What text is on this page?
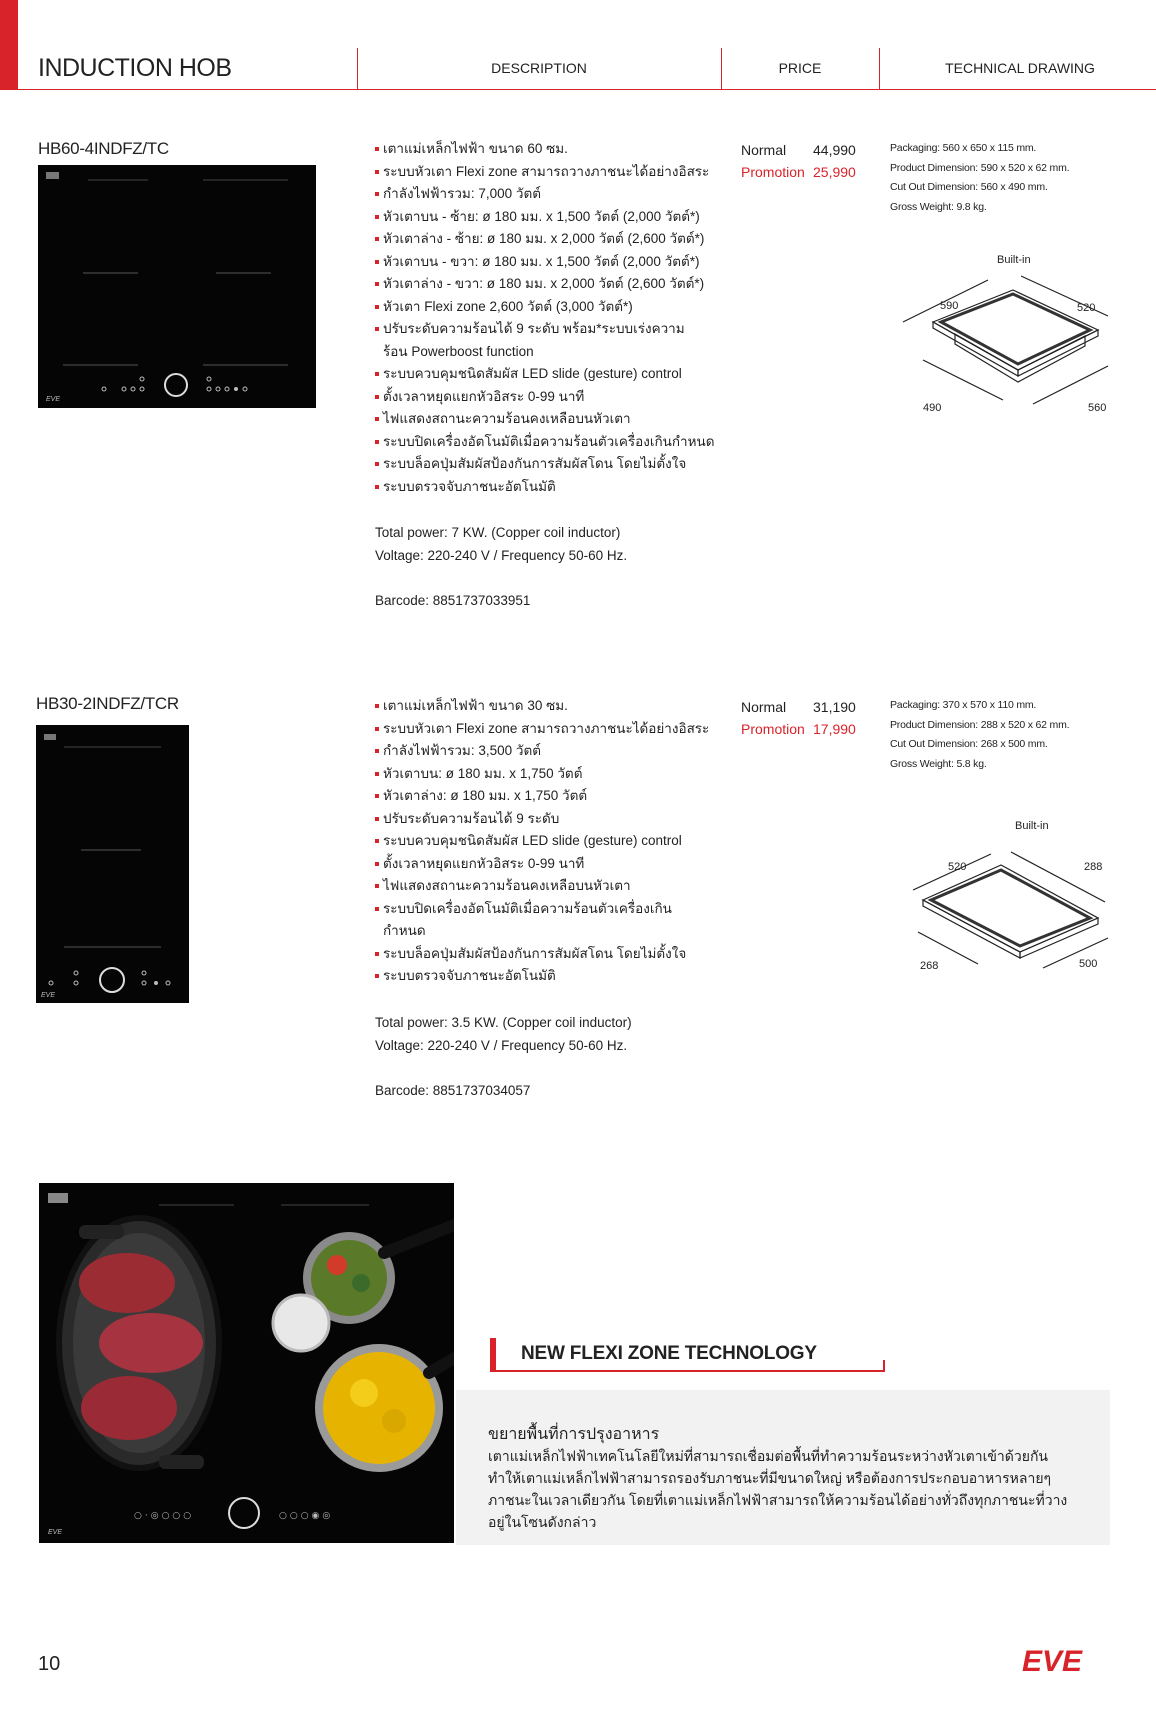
INDUCTION HOB	DESCRIPTION	PRICE	TECHNICAL DRAWING
HB60-4INDFZ/TC
EVE
เตาแม่เหล็กไฟฟ้า ขนาด 60 ซม.
ระบบหัวเตา Flexi zone สามารถวางภาชนะได้อย่างอิสระ
กำลังไฟฟ้ารวม: 7,000 วัตต์
หัวเตาบน - ซ้าย: ø 180 มม. x 1,500 วัตต์ (2,000 วัตต์*)
หัวเตาล่าง - ซ้าย: ø 180 มม. x 2,000 วัตต์ (2,600 วัตต์*)
หัวเตาบน - ขวา: ø 180 มม. x 1,500 วัตต์ (2,000 วัตต์*)
หัวเตาล่าง - ขวา: ø 180 มม. x 2,000 วัตต์ (2,600 วัตต์*)
หัวเตา Flexi zone 2,600 วัตต์ (3,000 วัตต์*)
ปรับระดับความร้อนได้ 9 ระดับ พร้อม*ระบบเร่งความร้อน Powerboost function
ระบบควบคุมชนิดสัมผัส LED slide (gesture) control
ตั้งเวลาหยุดแยกหัวอิสระ 0-99 นาที
ไฟแสดงสถานะความร้อนคงเหลือบนหัวเตา
ระบบปิดเครื่องอัตโนมัติเมื่อความร้อนตัวเครื่องเกินกำหนด
ระบบล็อคปุ่มสัมผัสป้องกันการสัมผัสโดน โดยไม่ตั้งใจ
ระบบตรวจจับภาชนะอัตโนมัติ
Total power: 7 KW. (Copper coil inductor)
Voltage: 220-240 V / Frequency 50-60 Hz.
Barcode: 8851737033951
Normal 44,990
Promotion 25,990
Packaging: 560 x 650 x 115 mm.
Product Dimension: 590 x 520 x 62 mm.
Cut Out Dimension: 560 x 490 mm.
Gross Weight: 9.8 kg.
Built-in
590	520
490	560
HB30-2INDFZ/TCR
EVE
เตาแม่เหล็กไฟฟ้า ขนาด 30 ซม.
ระบบหัวเตา Flexi zone สามารถวางภาชนะได้อย่างอิสระ
กำลังไฟฟ้ารวม: 3,500 วัตต์
หัวเตาบน: ø 180 มม. x 1,750 วัตต์
หัวเตาล่าง: ø 180 มม. x 1,750 วัตต์
ปรับระดับความร้อนได้ 9 ระดับ
ระบบควบคุมชนิดสัมผัส LED slide (gesture) control
ตั้งเวลาหยุดแยกหัวอิสระ 0-99 นาที
ไฟแสดงสถานะความร้อนคงเหลือบนหัวเตา
ระบบปิดเครื่องอัตโนมัติเมื่อความร้อนตัวเครื่องเกิน กำหนด
ระบบล็อคปุ่มสัมผัสป้องกันการสัมผัสโดน โดยไม่ตั้งใจ
ระบบตรวจจับภาชนะอัตโนมัติ
Total power: 3.5 KW. (Copper coil inductor)
Voltage: 220-240 V / Frequency 50-60 Hz.
Barcode: 8851737034057
Normal 31,190
Promotion 17,990
Packaging: 370 x 570 x 110 mm.
Product Dimension: 288 x 520 x 62 mm.
Cut Out Dimension: 268 x 500 mm.
Gross Weight: 5.8 kg.
Built-in
520	288
268	500
○·◎○○○	○○○◉◎
EVE
NEW FLEXI ZONE TECHNOLOGY
ขยายพื้นที่การปรุงอาหาร
เตาแม่เหล็กไฟฟ้าเทคโนโลยีใหม่ที่สามารถเชื่อมต่อพื้นที่ทำความร้อนระหว่างหัวเตาเข้าด้วยกัน ทำให้เตาแม่เหล็กไฟฟ้าสามารถรองรับภาชนะที่มีขนาดใหญ่ หรือต้องการประกอบอาหารหลายๆ ภาชนะในเวลาเดียวกัน โดยที่เตาแม่เหล็กไฟฟ้าสามารถให้ความร้อนได้อย่างทั่วถึงทุกภาชนะที่วางอยู่ในโซนดังกล่าว
10	EVE
